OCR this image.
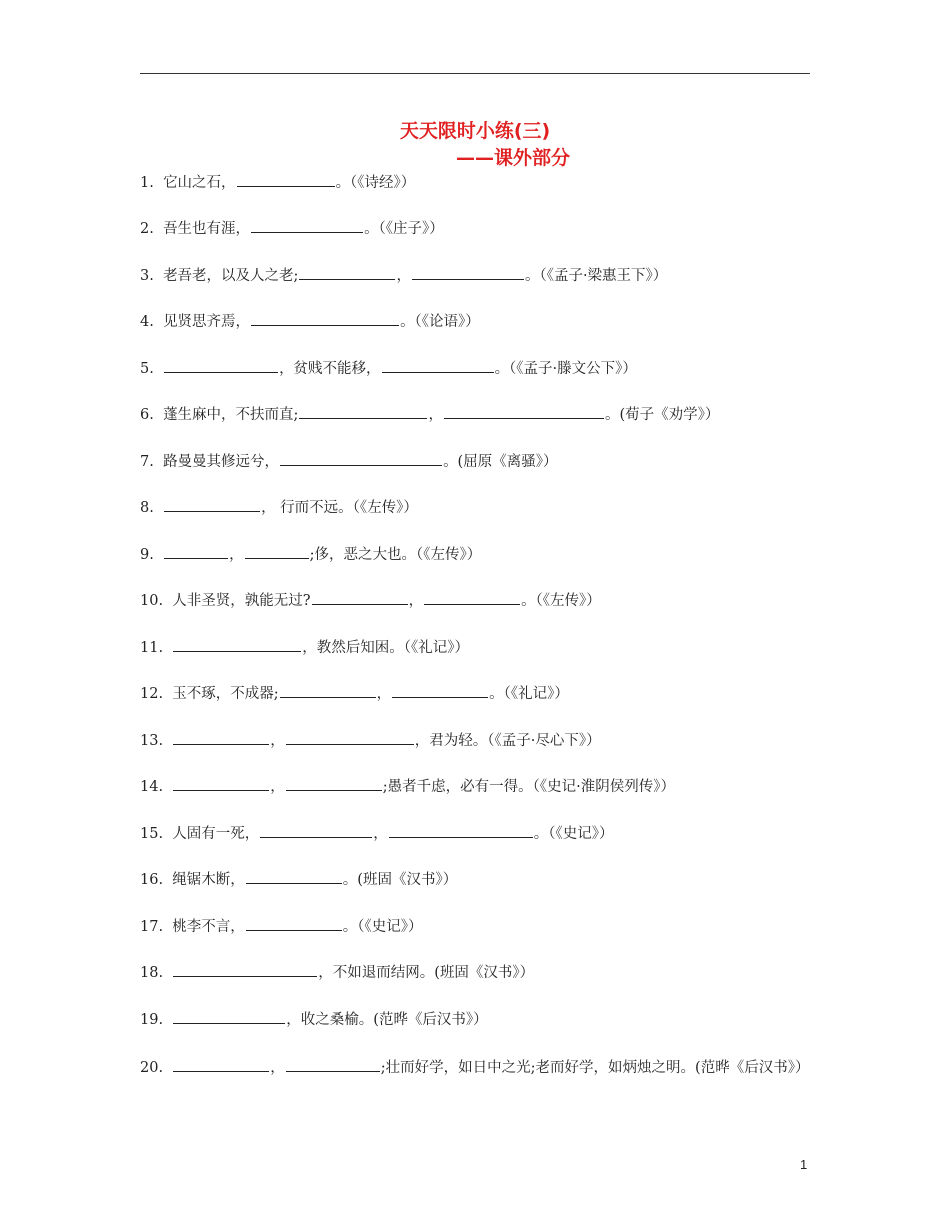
天天限时小练(三)
——课外部分
1. 它山之石，	。（《诗经》）
2. 吾生也有涯，	。（《庄子》）
3. 老吾老，以及人之老;	，	。（《孟子·梁惠王下》）
4. 见贤思齐焉，	。（《论语》）
5.	，贫贱不能移，	。（《孟子·滕文公下》）
6. 蓬生麻中，不扶而直;	，	。(荀子《劝学》）
7. 路曼曼其修远兮，	。(屈原《离骚》）
8.	， 行而不远。（《左传》）
9.	，	;侈，恶之大也。（《左传》）
10. 人非圣贤，孰能无过?	，	。（《左传》）
11.	，教然后知困。（《礼记》）
12. 玉不琢，不成器;	，	。（《礼记》）
13.	，	，君为轻。（《孟子·尽心下》）
14.	，	;愚者千虑，必有一得。（《史记·淮阴侯列传》）
15. 人固有一死，	，	。（《史记》）
16. 绳锯木断，	。(班固《汉书》）
17. 桃李不言，	。（《史记》）
18.	，不如退而结网。(班固《汉书》）
19.	，收之桑榆。(范晔《后汉书》）
20.	，	;壮而好学，如日中之光;老而好学，如炳烛之明。(范晔《后汉书》）
1
